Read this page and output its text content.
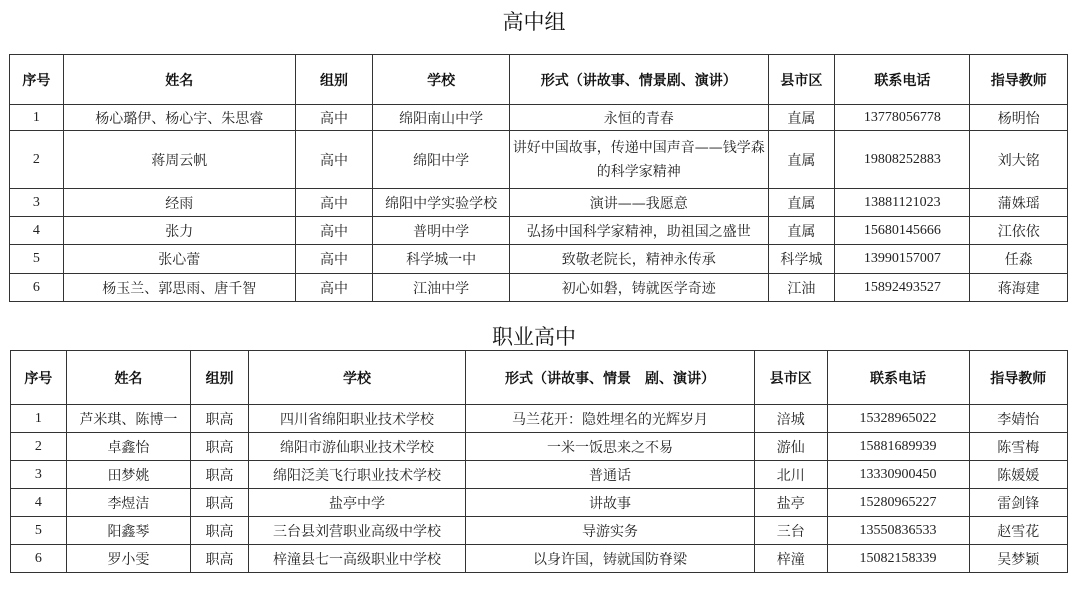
高中组
序号	姓名	组别	学校	形式（讲故事、情景剧、演讲）	县市区	联系电话	指导教师
1	杨心璐伊、杨心宇、朱思睿	高中	绵阳南山中学	永恒的青春	直属	13778056778	杨明怡
2	蒋周云帆	高中	绵阳中学	讲好中国故事，传递中国声音——钱学森的科学家精神	直属	19808252883	刘大铭
3	经雨	高中	绵阳中学实验学校	演讲——我愿意	直属	13881121023	蒲姝瑶
4	张力	高中	普明中学	弘扬中国科学家精神，助祖国之盛世	直属	15680145666	江依依
5	张心蕾	高中	科学城一中	致敬老院长，精神永传承	科学城	13990157007	任淼
6	杨玉兰、郭思雨、唐千智	高中	江油中学	初心如磐，铸就医学奇迹	江油	15892493527	蒋海建
职业高中
序号	姓名	组别	学校	形式（讲故事、情景　剧、演讲）	县市区	联系电话	指导教师
1	芦米琪、陈博一	职高	四川省绵阳职业技术学校	马兰花开：隐姓埋名的光辉岁月	涪城	15328965022	李婧怡
2	卓鑫怡	职高	绵阳市游仙职业技术学校	一米一饭思来之不易	游仙	15881689939	陈雪梅
3	田梦姚	职高	绵阳泛美飞行职业技术学校	普通话	北川	13330900450	陈媛媛
4	李煜洁	职高	盐亭中学	讲故事	盐亭	15280965227	雷剑锋
5	阳鑫琴	职高	三台县刘营职业高级中学校	导游实务	三台	13550836533	赵雪花
6	罗小雯	职高	梓潼县七一高级职业中学校	以身许国，铸就国防脊梁	梓潼	15082158339	吴梦颖
